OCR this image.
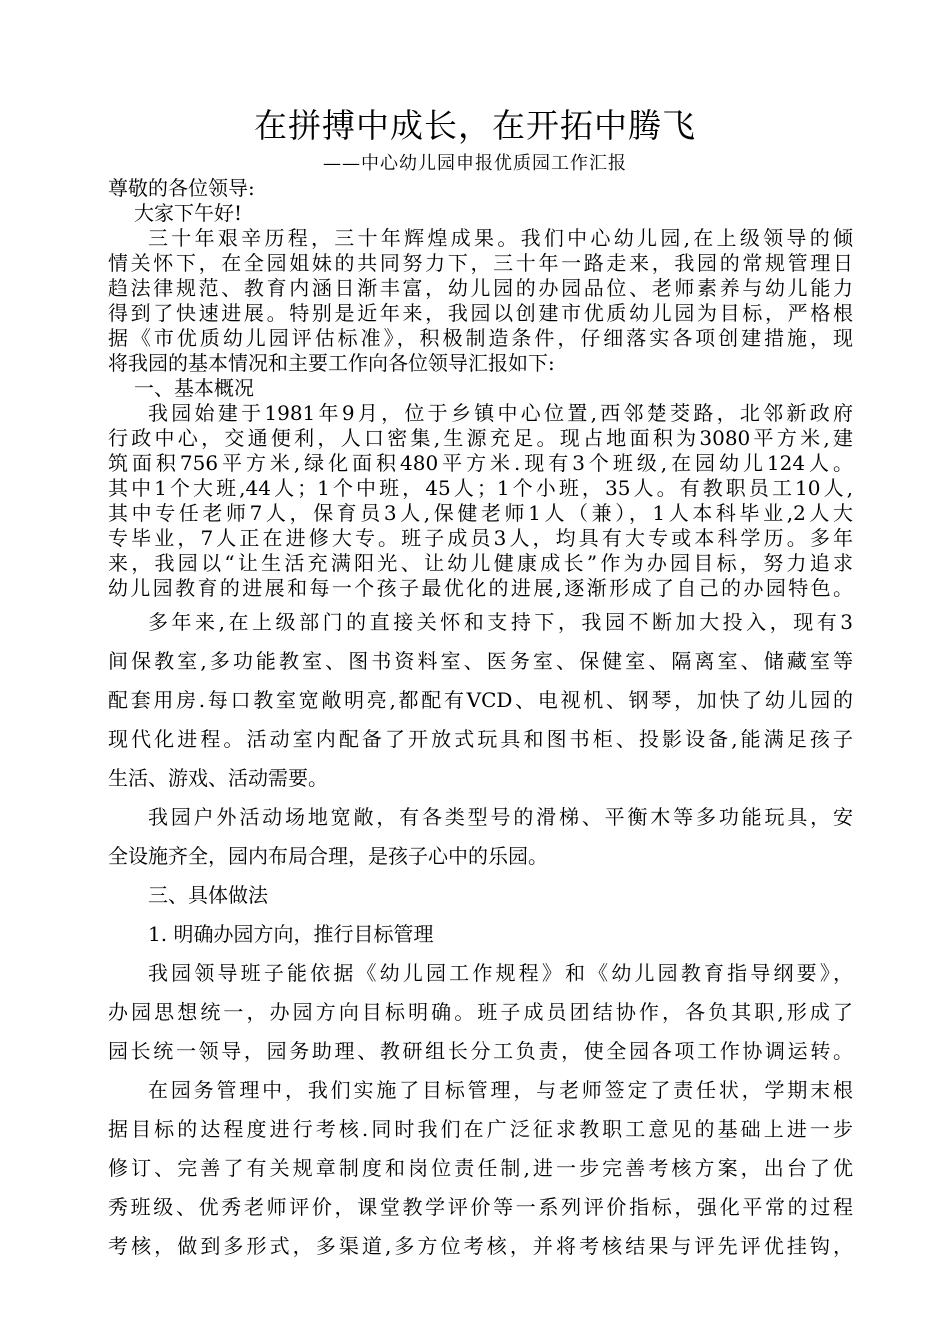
在拼搏中成长，在开拓中腾飞
——中心幼儿园申报优质园工作汇报
尊敬的各位领导:
大家下午好!
三十年艰辛历程，三十年辉煌成果。我们中心幼儿园,在上级领导的倾
情关怀下，在全园姐妹的共同努力下，三十年一路走来，我园的常规管理日
趋法律规范、教育内涵日渐丰富，幼儿园的办园品位、老师素养与幼儿能力
得到了快速进展。特别是近年来，我园以创建市优质幼儿园为目标，严格根
据《市优质幼儿园评估标准》，积极制造条件，仔细落实各项创建措施，现
将我园的基本情况和主要工作向各位领导汇报如下:
一、基本概况
我园始建于1981年9月，位于乡镇中心位置,西邻楚茭路，北邻新政府
行政中心，交通便利，人口密集,生源充足。现占地面积为3080平方米,建
筑面积756平方米,绿化面积480平方米.现有3个班级,在园幼儿124人。
其中1个大班,44人；1个中班，45人；1个小班，35人。有教职员工10人,
其中专任老师7人，保育员3人,保健老师1人（兼），1人本科毕业,2人大
专毕业，7人正在进修大专。班子成员3人，均具有大专或本科学历。多年
来，我园以“让生活充满阳光、让幼儿健康成长”作为办园目标，努力追求
幼儿园教育的进展和每一个孩子最优化的进展,逐渐形成了自己的办园特色。
多年来,在上级部门的直接关怀和支持下，我园不断加大投入，现有3
间保教室,多功能教室、图书资料室、医务室、保健室、隔离室、储藏室等
配套用房.每口教室宽敞明亮,都配有VCD、电视机、钢琴，加快了幼儿园的
现代化进程。活动室内配备了开放式玩具和图书柜、投影设备,能满足孩子
生活、游戏、活动需要。
我园户外活动场地宽敞，有各类型号的滑梯、平衡木等多功能玩具，安
全设施齐全，园内布局合理，是孩子心中的乐园。
三、具体做法
1. 明确办园方向，推行目标管理
我园领导班子能依据《幼儿园工作规程》和《幼儿园教育指导纲要》，
办园思想统一，办园方向目标明确。班子成员团结协作，各负其职,形成了
园长统一领导，园务助理、教研组长分工负责，使全园各项工作协调运转。
在园务管理中，我们实施了目标管理，与老师签定了责任状，学期末根
据目标的达程度进行考核.同时我们在广泛征求教职工意见的基础上进一步
修订、完善了有关规章制度和岗位责任制,进一步完善考核方案，出台了优
秀班级、优秀老师评价，课堂教学评价等一系列评价指标，强化平常的过程
考核，做到多形式，多渠道,多方位考核，并将考核结果与评先评优挂钩，
